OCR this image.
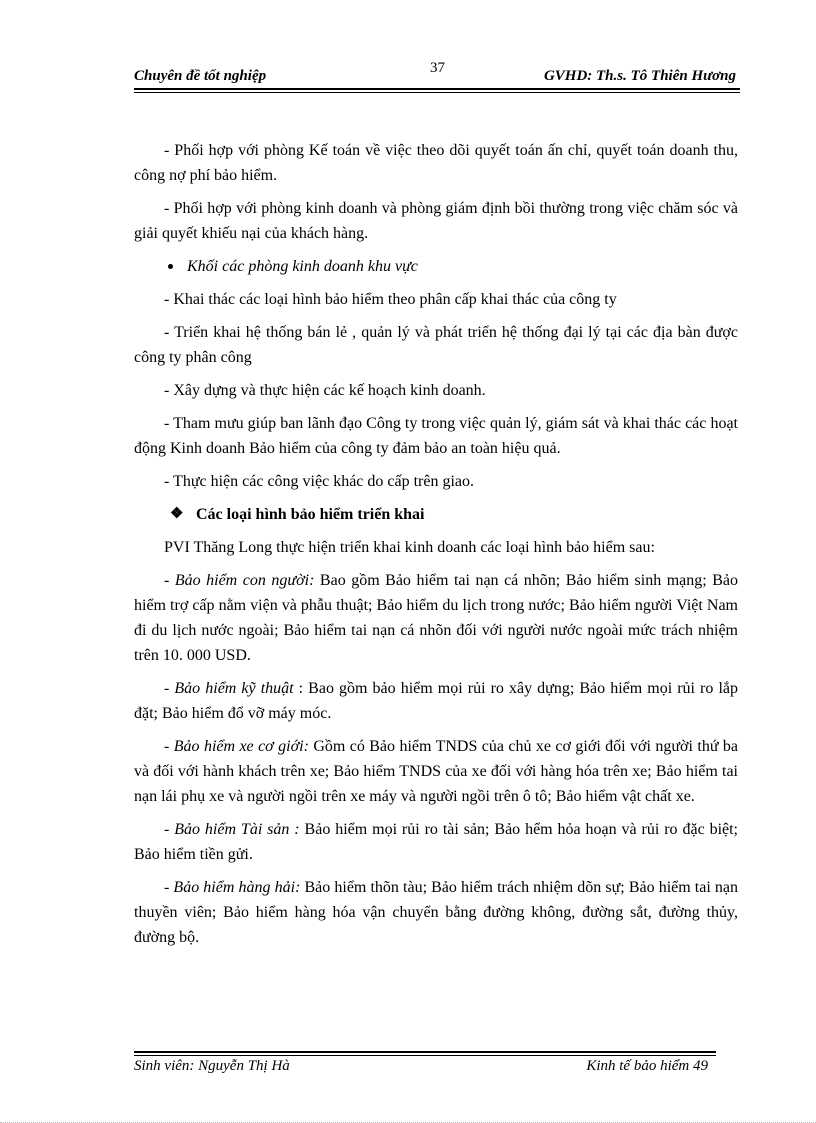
Chuyên đề tốt nghiệp	37	GVHD: Th.s. Tô Thiên Hương

- Phối hợp với phòng Kế toán về việc theo dõi quyết toán ấn chỉ, quyết toán doanh thu, công nợ phí bảo hiểm.

- Phối hợp với phòng kinh doanh và phòng giám định bồi thường trong việc chăm sóc và giải quyết khiếu nại của khách hàng.

Khối các phòng kinh doanh khu vực

- Khai thác các loại hình bảo hiểm theo phân cấp khai thác của công ty

- Triển khai hệ thống bán lẻ , quản lý và phát triển hệ thống đại lý tại các địa bàn được công ty phân công

- Xây dựng và thực hiện các kế hoạch kinh doanh.

- Tham mưu giúp ban lãnh đạo Công ty trong việc quản lý, giám sát và khai thác các hoạt động Kinh doanh Bảo hiểm của công ty đảm bảo an toàn hiệu quả.

- Thực hiện các công việc khác do cấp trên giao.

❖ Các loại hình bảo hiểm triển khai

PVI Thăng Long thực hiện triển khai kinh doanh các loại hình bảo hiểm sau:

- Bảo hiểm con người: Bao gồm Bảo hiểm tai nạn cá nhõn; Bảo hiểm sinh mạng; Bảo hiểm trợ cấp nằm viện và phẫu thuật; Bảo hiểm du lịch trong nước; Bảo hiểm người Việt Nam đi du lịch nước ngoài; Bảo hiểm tai nạn cá nhõn đối với người nước ngoài mức trách nhiệm trên 10. 000 USD.

- Bảo hiểm kỹ thuật : Bao gồm bảo hiểm mọi rủi ro xây dựng; Bảo hiểm mọi rủi ro lắp đặt; Bảo hiểm đổ vỡ máy móc.

- Bảo hiểm xe cơ giới: Gồm có Bảo hiểm TNDS của chủ xe cơ giới đối với người thứ ba và đối với hành khách trên xe; Bảo hiểm TNDS của xe đối với hàng hóa trên xe; Bảo hiểm tai nạn lái phụ xe và người ngồi trên xe máy và người ngồi trên ô tô; Bảo hiểm vật chất xe.

- Bảo hiểm Tài sản : Bảo hiểm mọi rủi ro tài sản; Bảo hểm hỏa hoạn và rủi ro đặc biệt; Bảo hiểm tiền gửi.

- Bảo hiểm hàng hải: Bảo hiểm thõn tàu; Bảo hiểm trách nhiệm dõn sự; Bảo hiểm tai nạn thuyền viên; Bảo hiểm hàng hóa vận chuyển bằng đường không, đường sắt, đường thủy, đường bộ.

Sinh viên: Nguyễn Thị Hà	Kinh tế bảo hiểm 49
